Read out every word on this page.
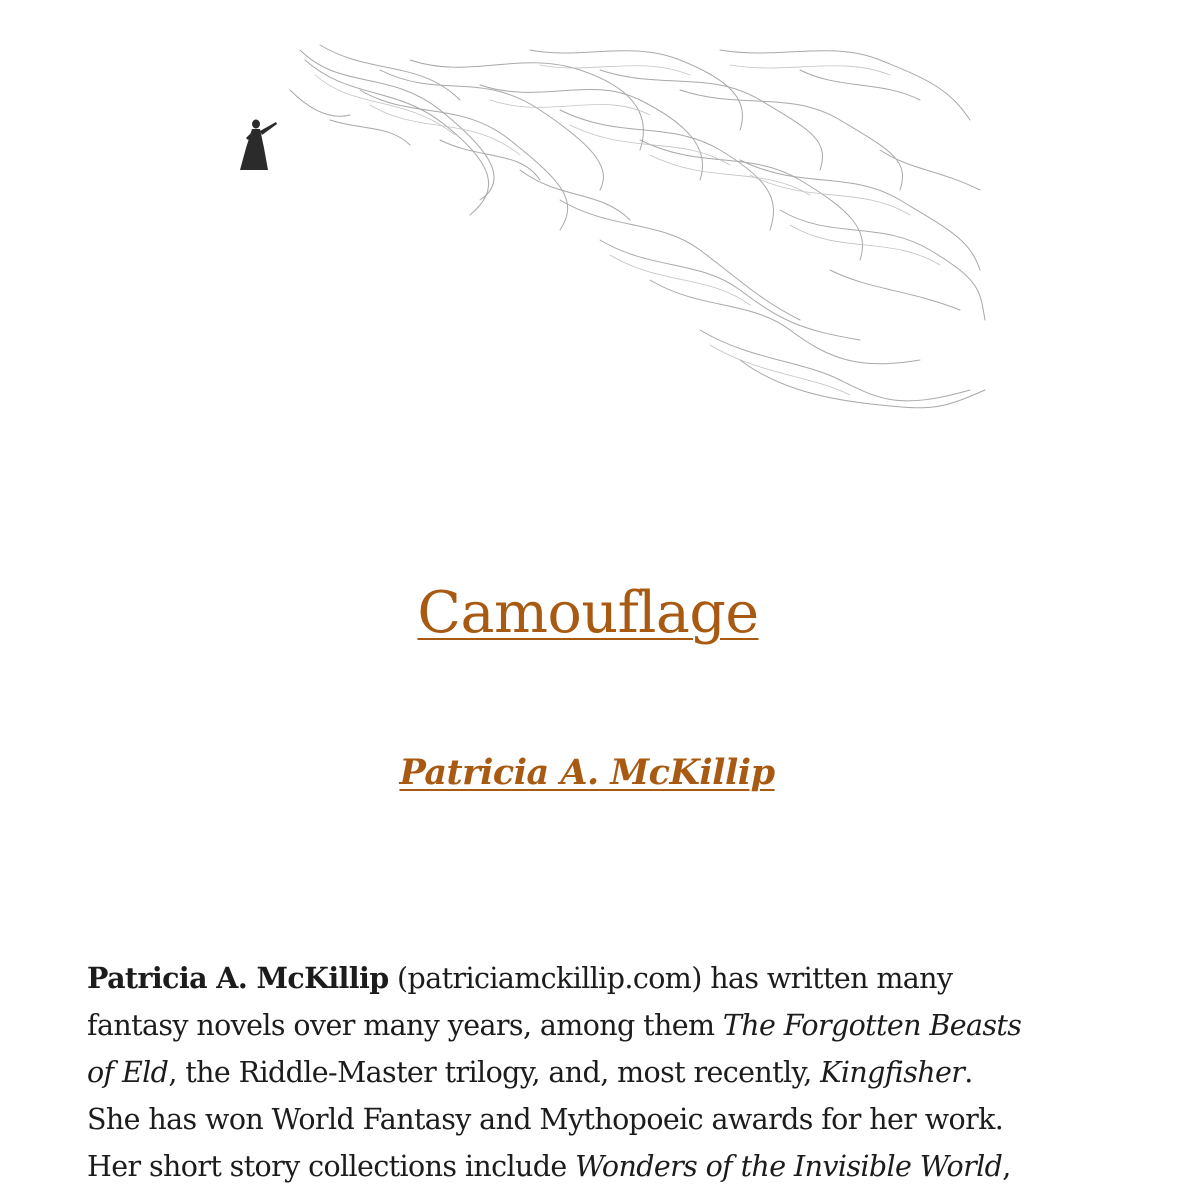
Camouflage
Patricia A. McKillip

Patricia A. McKillip (patriciamckillip.com) has written many
fantasy novels over many years, among them The Forgotten Beasts
of Eld, the Riddle-Master trilogy, and, most recently, Kingfisher.
She has won World Fantasy and Mythopoeic awards for her work.
Her short story collections include Wonders of the Invisible World,
